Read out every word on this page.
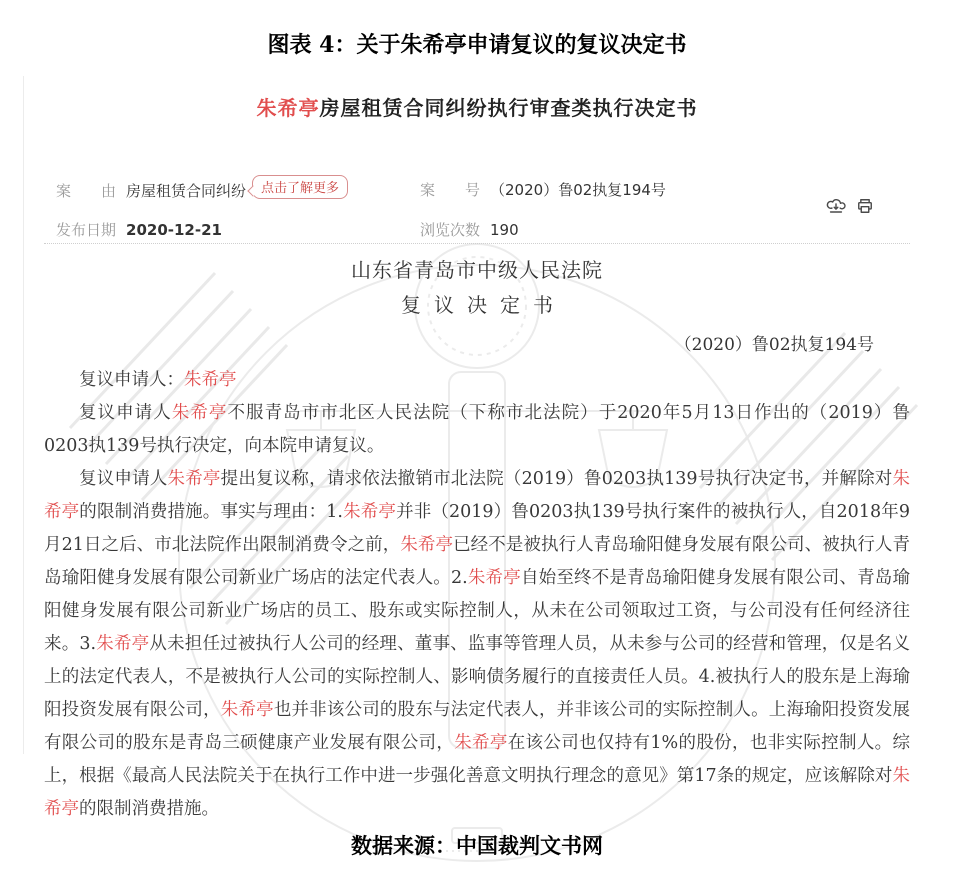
图表 4：关于朱希亭申请复议的复议决定书
朱希亭房屋租赁合同纠纷执行审查类执行决定书
案　　由 房屋租赁合同纠纷 点击了解更多	案　　号 （2020）鲁02执复194号
发布日期 2020-12-21	浏览次数 190
山东省青岛市中级人民法院
复议决定书
（2020）鲁02执复194号

复议申请人：朱希亭

复议申请人朱希亭不服青岛市市北区人民法院（下称市北法院）于2020年5月13日作出的（2019）鲁0203执139号执行决定，向本院申请复议。

复议申请人朱希亭提出复议称，请求依法撤销市北法院（2019）鲁0203执139号执行决定书，并解除对朱希亭的限制消费措施。事实与理由：1.朱希亭并非（2019）鲁0203执139号执行案件的被执行人，自2018年9月21日之后、市北法院作出限制消费令之前，朱希亭已经不是被执行人青岛瑜阳健身发展有限公司、被执行人青岛瑜阳健身发展有限公司新业广场店的法定代表人。2.朱希亭自始至终不是青岛瑜阳健身发展有限公司、青岛瑜阳健身发展有限公司新业广场店的员工、股东或实际控制人，从未在公司领取过工资，与公司没有任何经济往来。3.朱希亭从未担任过被执行人公司的经理、董事、监事等管理人员，从未参与公司的经营和管理，仅是名义上的法定代表人，不是被执行人公司的实际控制人、影响债务履行的直接责任人员。4.被执行人的股东是上海瑜阳投资发展有限公司，朱希亭也并非该公司的股东与法定代表人，并非该公司的实际控制人。上海瑜阳投资发展有限公司的股东是青岛三硕健康产业发展有限公司，朱希亭在该公司也仅持有1%的股份，也非实际控制人。综上，根据《最高人民法院关于在执行工作中进一步强化善意文明执行理念的意见》第17条的规定，应该解除对朱希亭的限制消费措施。

数据来源：中国裁判文书网
